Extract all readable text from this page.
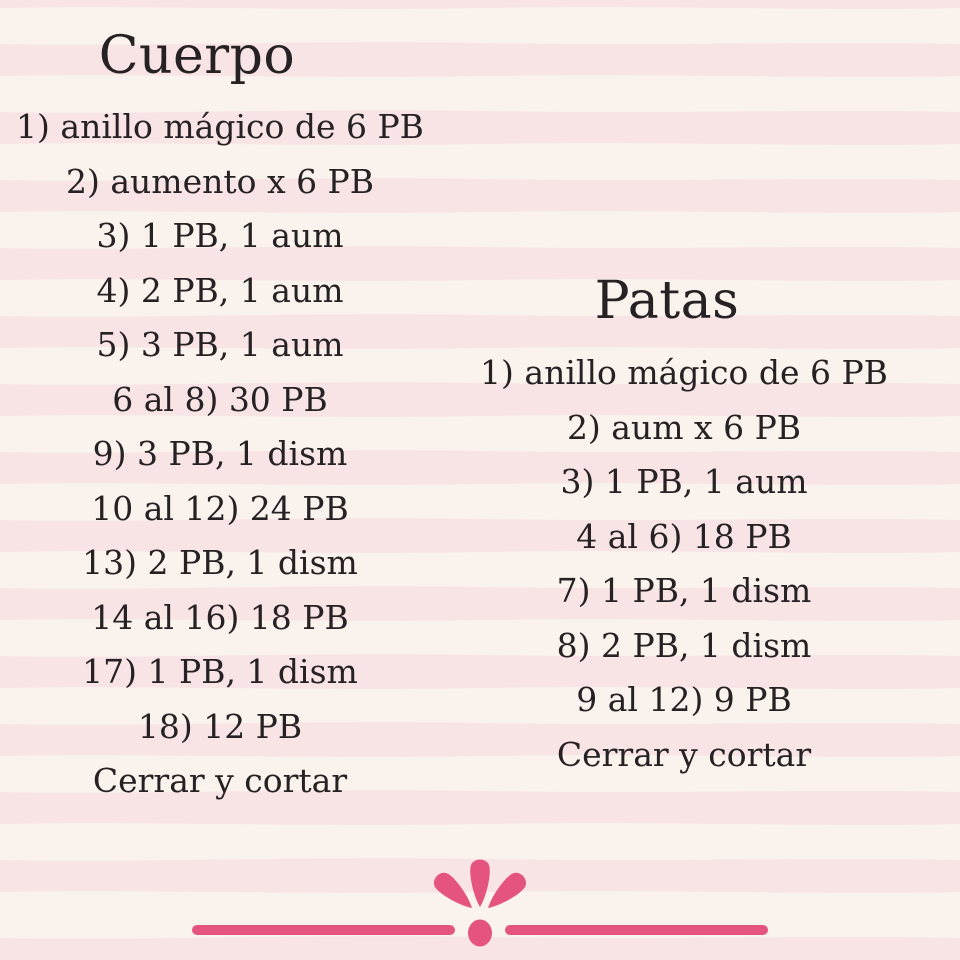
Cuerpo
1) anillo mágico de 6 PB
2) aumento x 6 PB
3) 1 PB, 1 aum
4) 2 PB, 1 aum
5) 3 PB, 1 aum
6 al 8) 30 PB
9) 3 PB, 1 dism
10 al 12) 24 PB
13) 2 PB, 1 dism
14 al 16) 18 PB
17) 1 PB, 1 dism
18) 12 PB
Cerrar y cortar
Patas
1) anillo mágico de 6 PB
2) aum x 6 PB
3) 1 PB, 1 aum
4 al 6) 18 PB
7) 1 PB, 1 dism
8) 2 PB, 1 dism
9 al 12) 9 PB
Cerrar y cortar
